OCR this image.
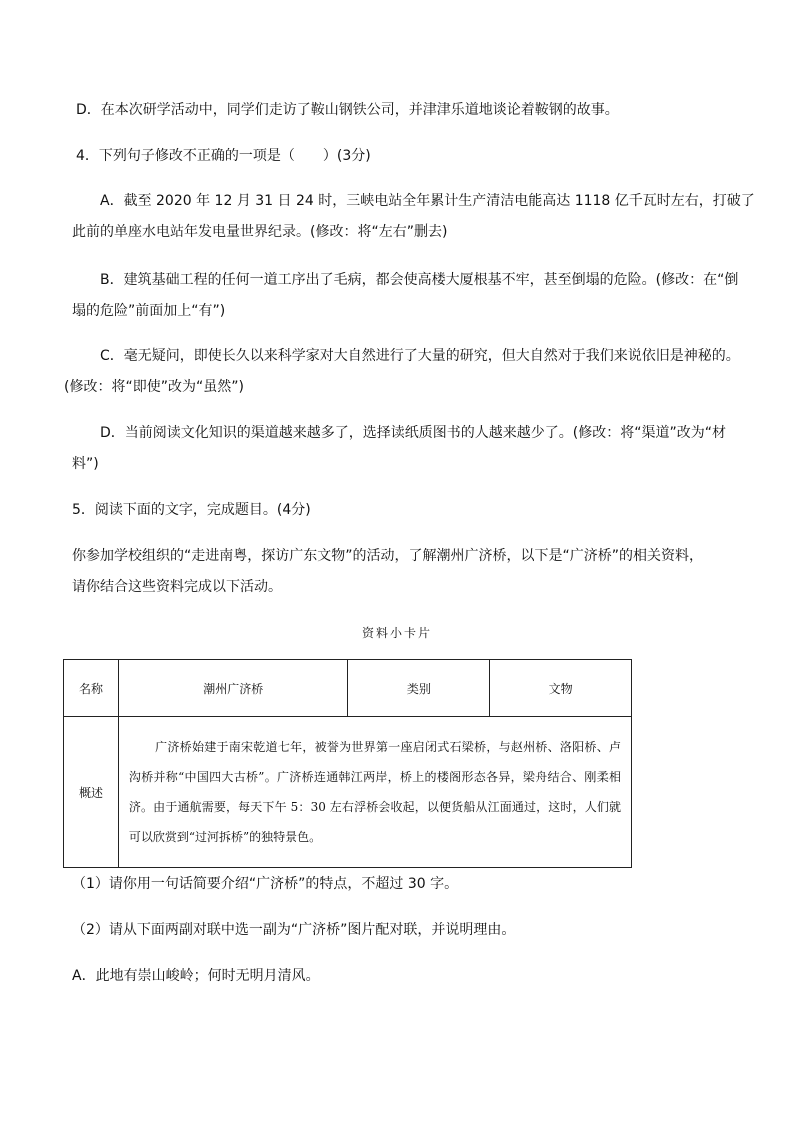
D．在本次研学活动中，同学们走访了鞍山钢铁公司，并津津乐道地谈论着鞍钢的故事。
4．下列句子修改不正确的一项是（　　）(3分)
A．截至 2020 年 12 月 31 日 24 时，三峡电站全年累计生产清洁电能高达 1118 亿千瓦时左右，打破了
此前的单座水电站年发电量世界纪录。(修改：将“左右”删去)
B．建筑基础工程的任何一道工序出了毛病，都会使高楼大厦根基不牢，甚至倒塌的危险。(修改：在“倒
塌的危险”前面加上“有”)
C．毫无疑问，即使长久以来科学家对大自然进行了大量的研究，但大自然对于我们来说依旧是神秘的。
(修改：将“即使”改为“虽然”)
D．当前阅读文化知识的渠道越来越多了，选择读纸质图书的人越来越少了。(修改：将“渠道”改为“材
料”)
5．阅读下面的文字，完成题目。(4分)
你参加学校组织的“走进南粤，探访广东文物”的活动，了解潮州广济桥，以下是“广济桥”的相关资料，
请你结合这些资料完成以下活动。
资料小卡片
名称	潮州广济桥	类别	文物
概述	广济桥始建于南宋乾道七年，被誉为世界第一座启闭式石梁桥，与赵州桥、洛阳桥、卢沟桥并称“中国四大古桥”。广济桥连通韩江两岸，桥上的楼阁形态各异，梁舟结合、刚柔相济。由于通航需要，每天下午 5：30 左右浮桥会收起，以便货船从江面通过，这时，人们就可以欣赏到“过河拆桥”的独特景色。		
（1）请你用一句话简要介绍“广济桥”的特点，不超过 30 字。
（2）请从下面两副对联中选一副为“广济桥”图片配对联，并说明理由。
A．此地有崇山峻岭；何时无明月清风。
